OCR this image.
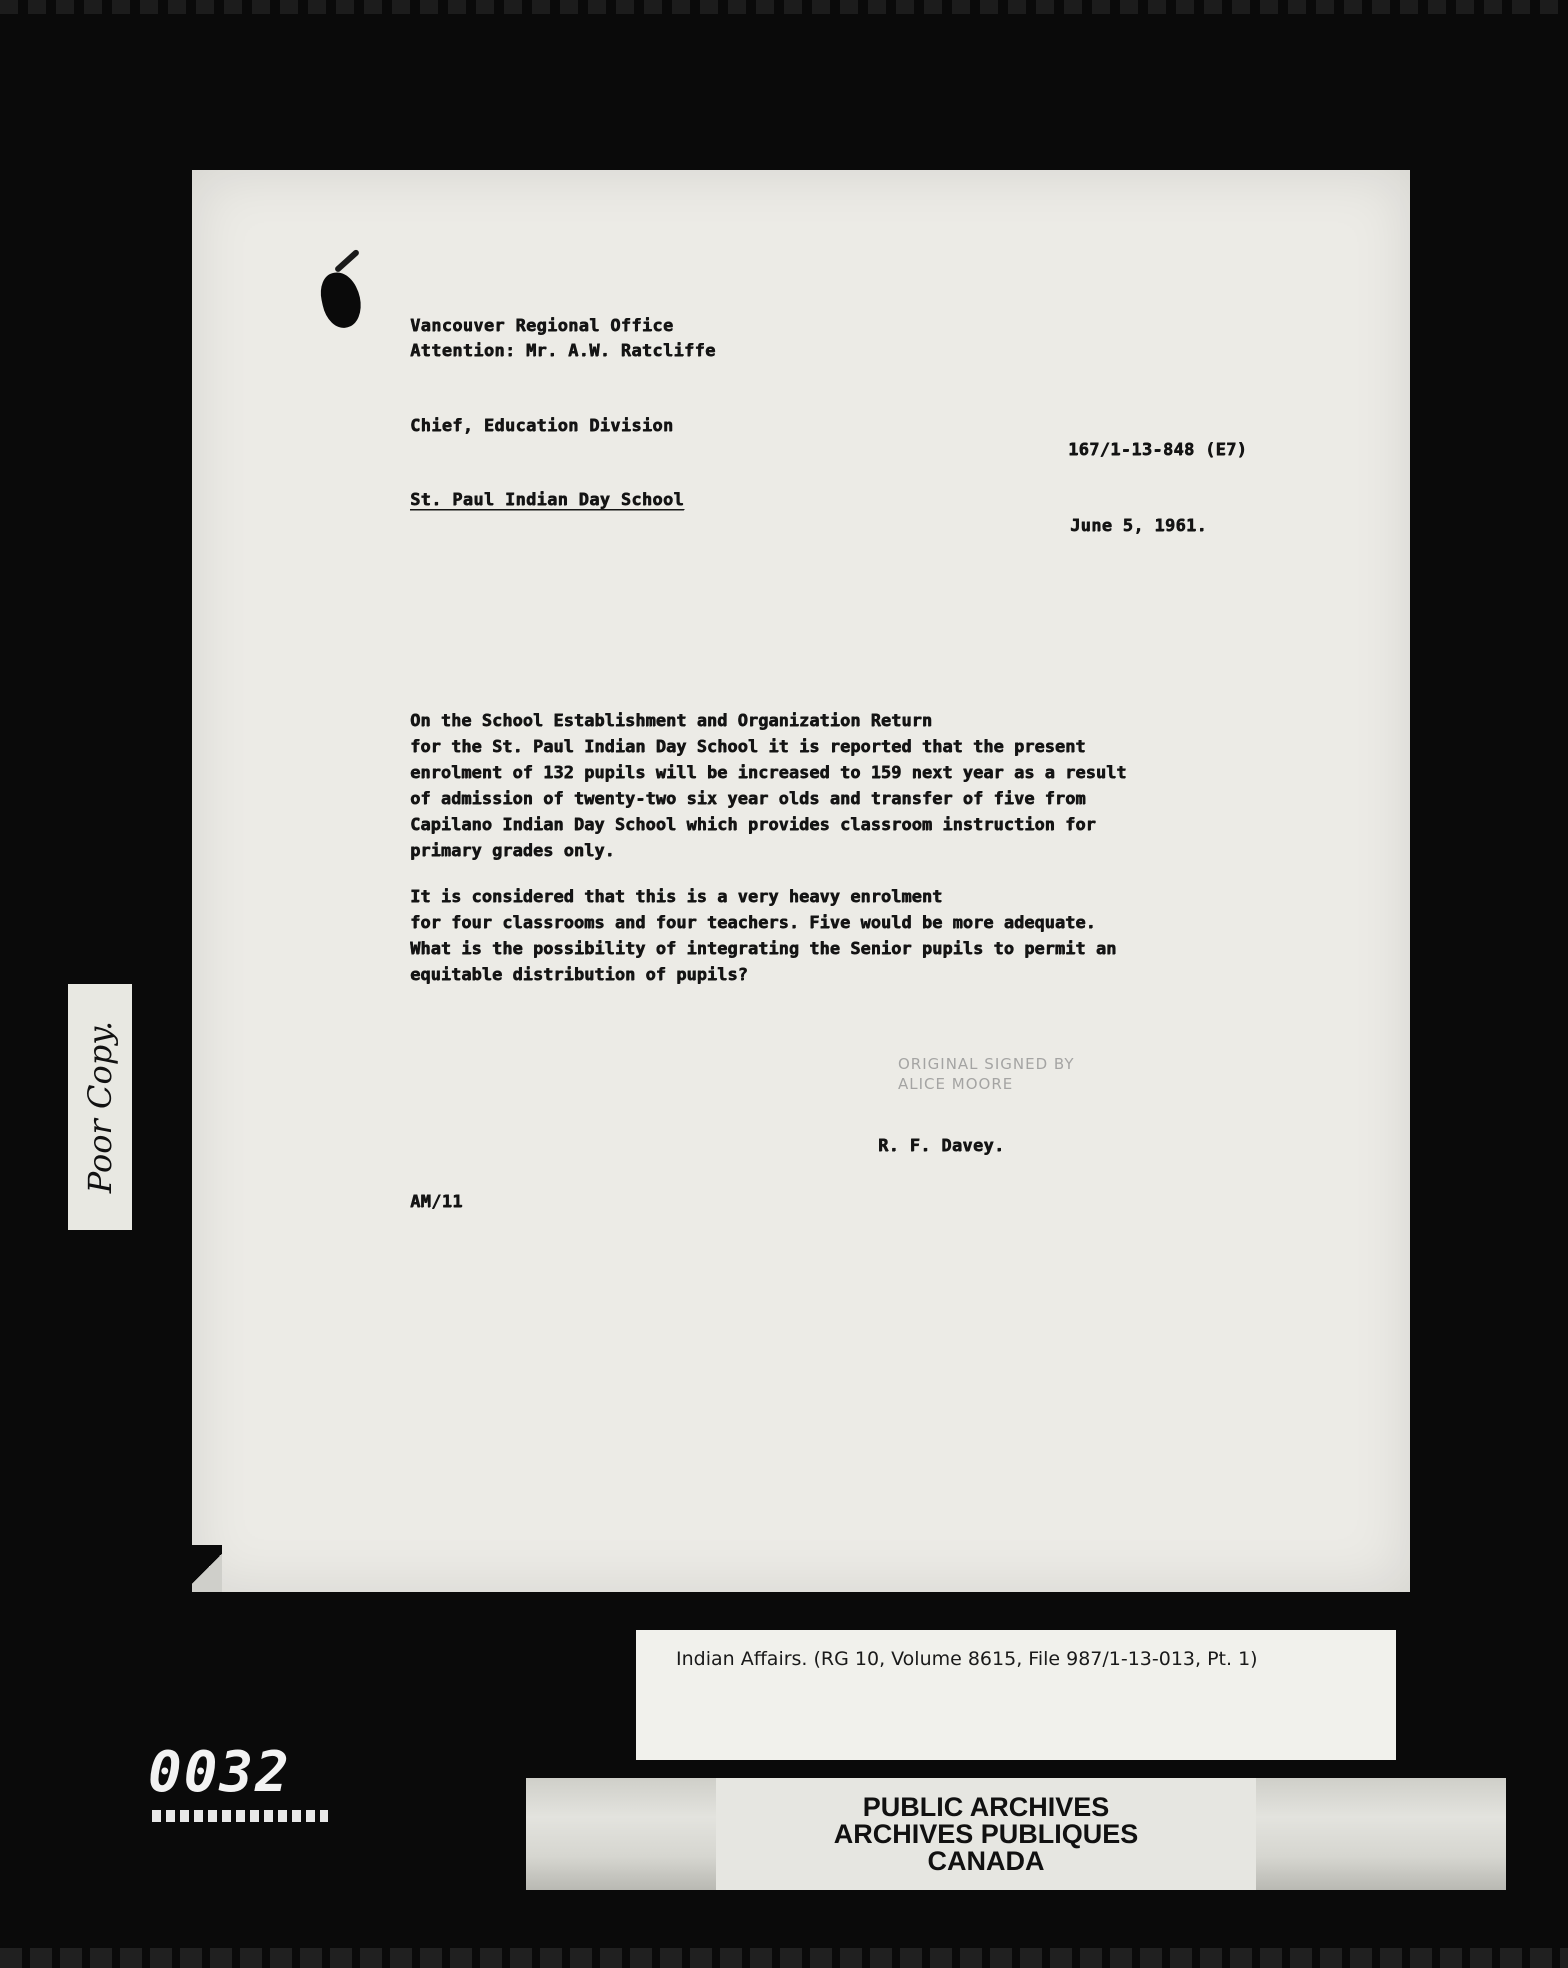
Vancouver Regional Office
Attention: Mr. A.W. Ratcliffe
Chief, Education Division
St. Paul Indian Day School
167/1-13-848 (E7)
June 5, 1961.
On the School Establishment and Organization Return
for the St. Paul Indian Day School it is reported that the present
enrolment of 132 pupils will be increased to 159 next year as a result
of admission of twenty-two six year olds and transfer of five from
Capilano Indian Day School which provides classroom instruction for
primary grades only.
It is considered that this is a very heavy enrolment
for four classrooms and four teachers. Five would be more adequate.
What is the possibility of integrating the Senior pupils to permit an
equitable distribution of pupils?
ORIGINAL SIGNED BY
ALICE MOORE
R. F. Davey.
AM/11
Poor Copy.
Indian Affairs. (RG 10, Volume 8615, File 987/1-13-013, Pt. 1)
PUBLIC ARCHIVES
ARCHIVES PUBLIQUES
CANADA
0032
